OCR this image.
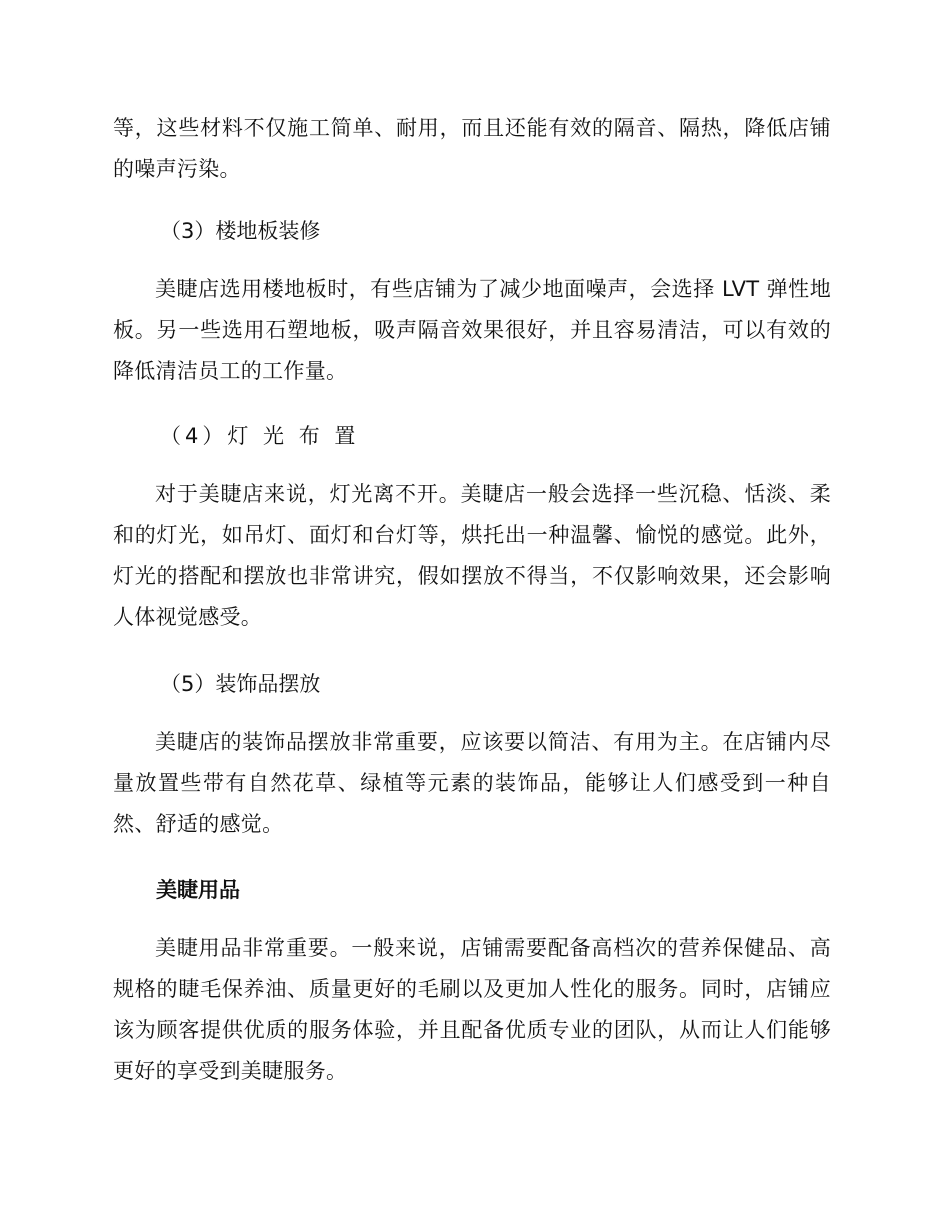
等，这些材料不仅施工简单、耐用，而且还能有效的隔音、隔热，降低店铺的噪声污染。

（3）楼地板装修

美睫店选用楼地板时，有些店铺为了减少地面噪声，会选择 LVT 弹性地板。另一些选用石塑地板，吸声隔音效果很好，并且容易清洁，可以有效的降低清洁员工的工作量。

（4）灯 光 布 置

对于美睫店来说，灯光离不开。美睫店一般会选择一些沉稳、恬淡、柔和的灯光，如吊灯、面灯和台灯等，烘托出一种温馨、愉悦的感觉。此外，灯光的搭配和摆放也非常讲究，假如摆放不得当，不仅影响效果，还会影响人体视觉感受。

（5）装饰品摆放

美睫店的装饰品摆放非常重要，应该要以简洁、有用为主。在店铺内尽量放置些带有自然花草、绿植等元素的装饰品，能够让人们感受到一种自然、舒适的感觉。

美睫用品

美睫用品非常重要。一般来说，店铺需要配备高档次的营养保健品、高规格的睫毛保养油、质量更好的毛刷以及更加人性化的服务。同时，店铺应该为顾客提供优质的服务体验，并且配备优质专业的团队，从而让人们能够更好的享受到美睫服务。
